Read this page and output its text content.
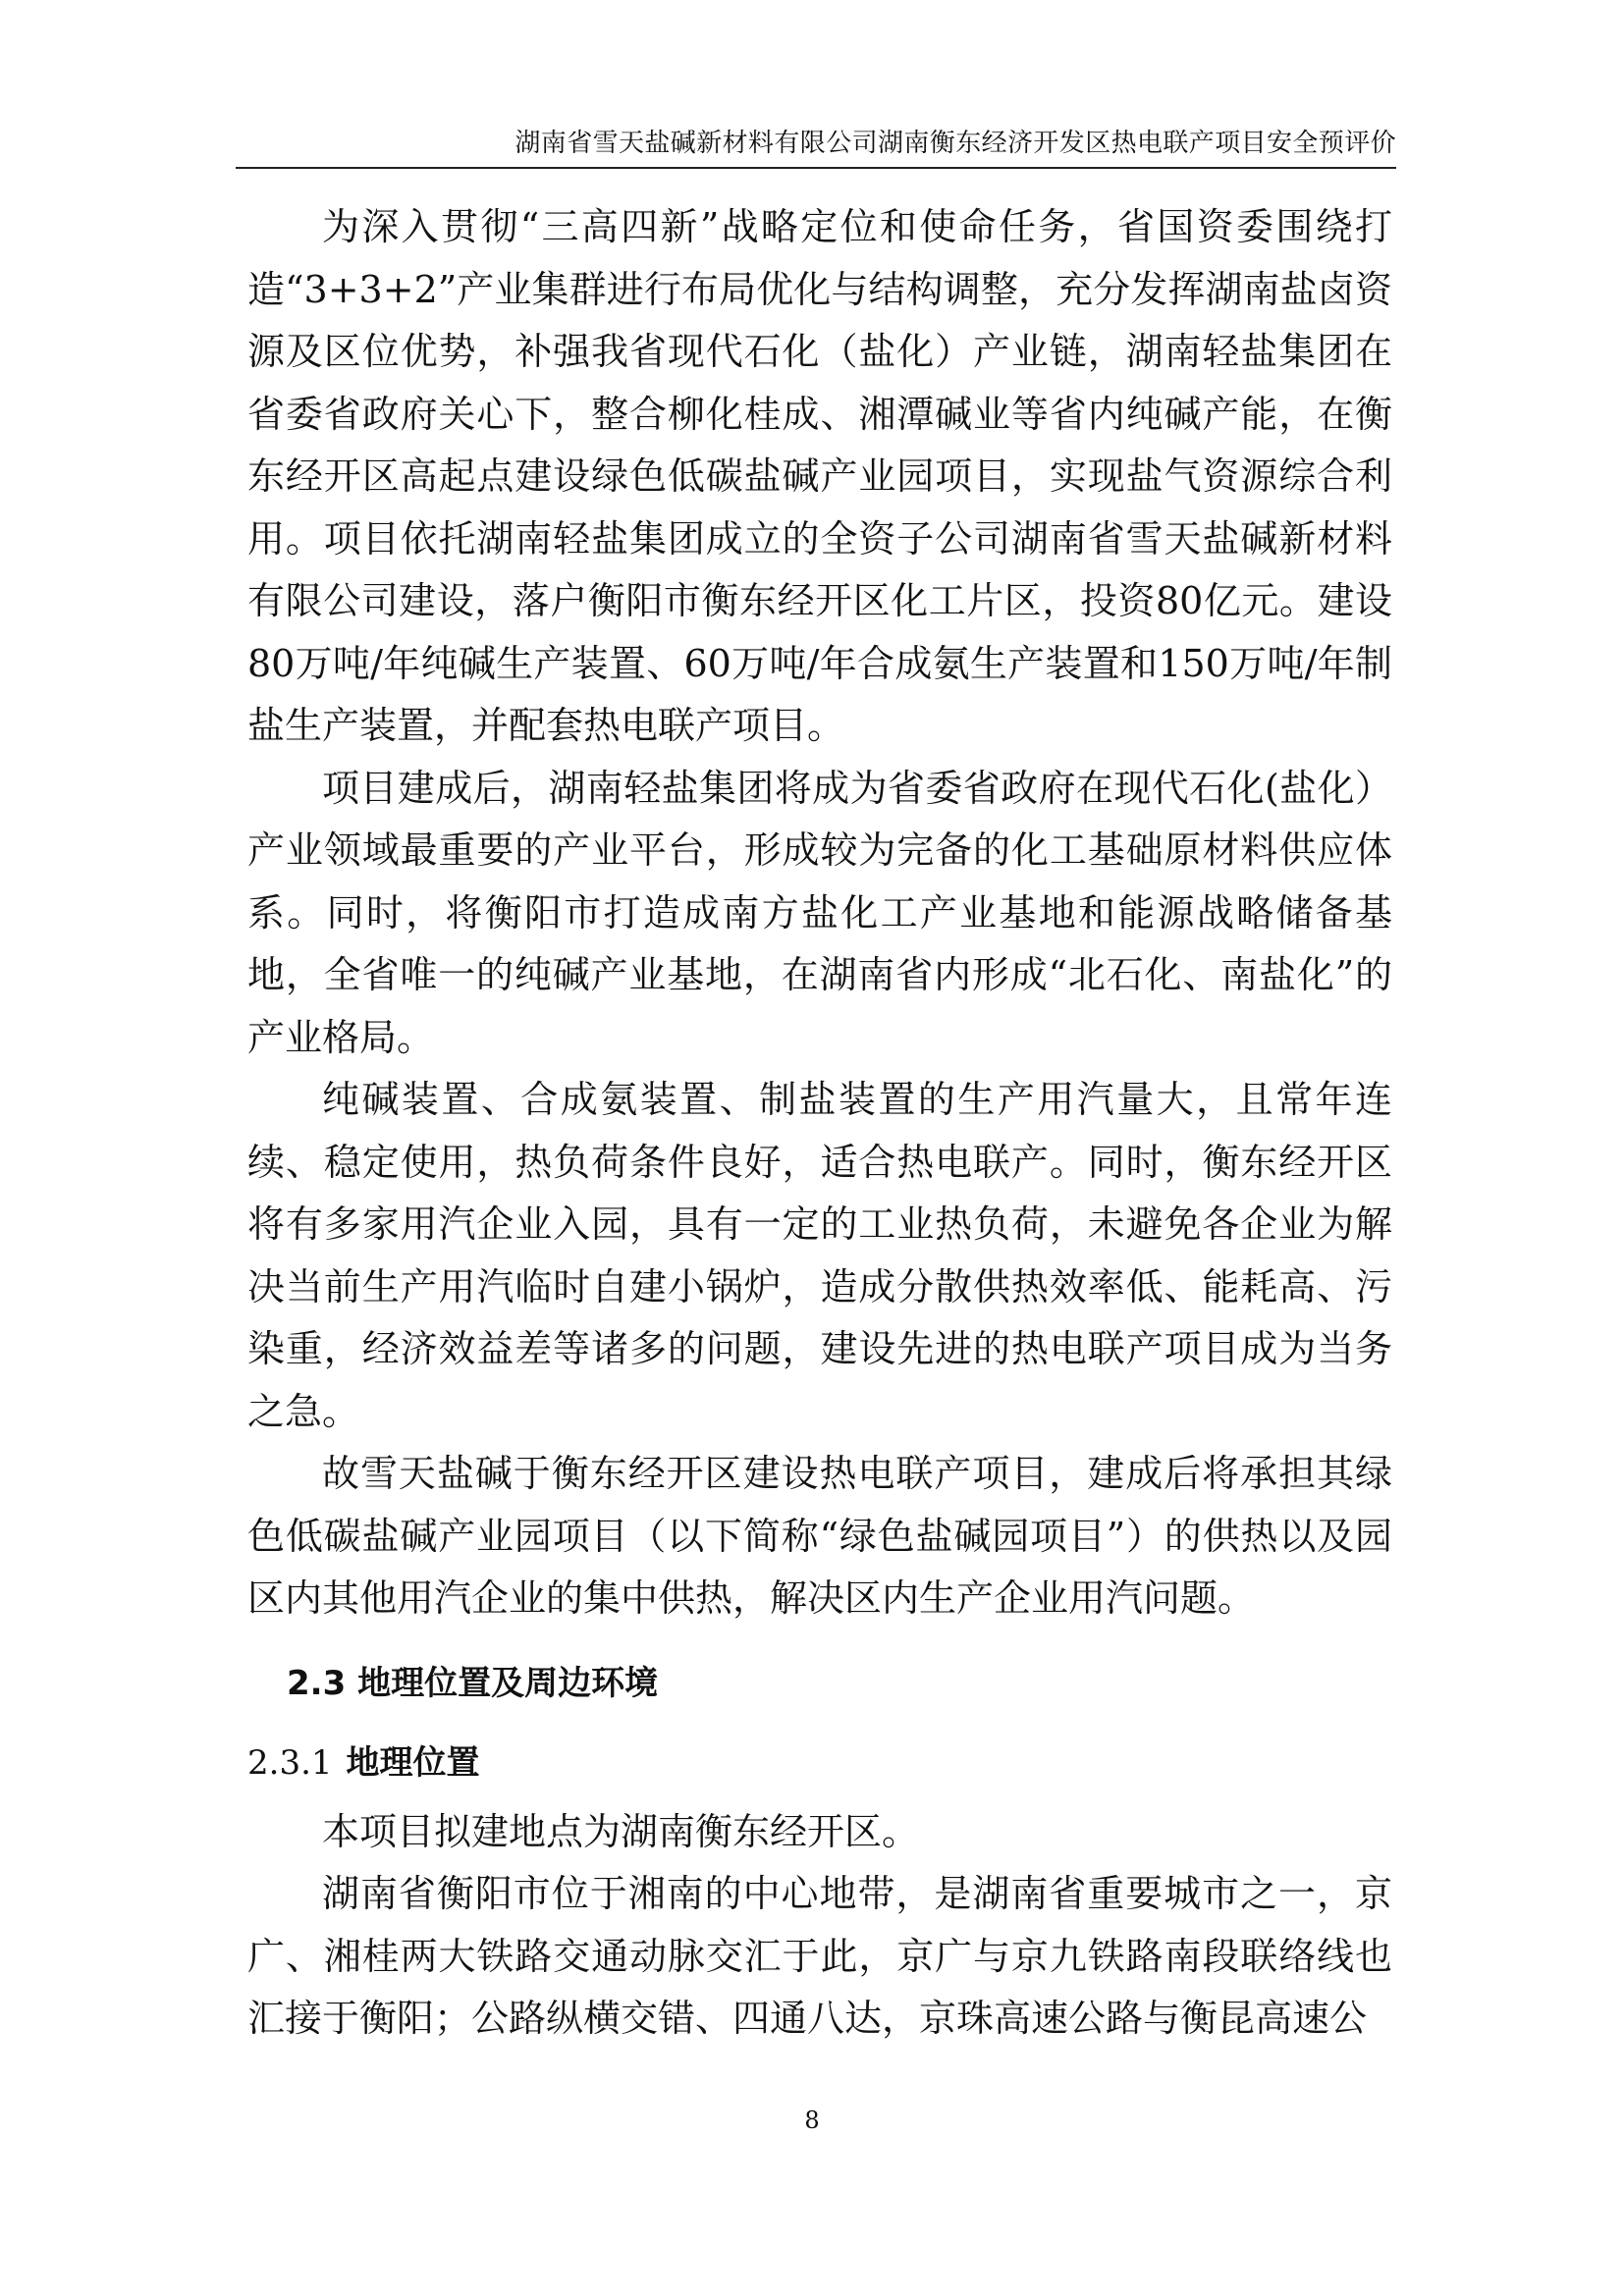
湖南省雪天盐碱新材料有限公司湖南衡东经济开发区热电联产项目安全预评价

为深入贯彻“三高四新”战略定位和使命任务，省国资委围绕打造“3+3+2”产业集群进行布局优化与结构调整，充分发挥湖南盐卤资源及区位优势，补强我省现代石化（盐化）产业链，湖南轻盐集团在省委省政府关心下，整合柳化桂成、湘潭碱业等省内纯碱产能，在衡东经开区高起点建设绿色低碳盐碱产业园项目，实现盐气资源综合利用。项目依托湖南轻盐集团成立的全资子公司湖南省雪天盐碱新材料有限公司建设，落户衡阳市衡东经开区化工片区，投资80亿元。建设80万吨/年纯碱生产装置、60万吨/年合成氨生产装置和150万吨/年制盐生产装置，并配套热电联产项目。

项目建成后，湖南轻盐集团将成为省委省政府在现代石化(盐化）产业领域最重要的产业平台，形成较为完备的化工基础原材料供应体系。同时，将衡阳市打造成南方盐化工产业基地和能源战略储备基地，全省唯一的纯碱产业基地，在湖南省内形成“北石化、南盐化”的产业格局。

纯碱装置、合成氨装置、制盐装置的生产用汽量大，且常年连续、稳定使用，热负荷条件良好，适合热电联产。同时，衡东经开区将有多家用汽企业入园，具有一定的工业热负荷，未避免各企业为解决当前生产用汽临时自建小锅炉，造成分散供热效率低、能耗高、污染重，经济效益差等诸多的问题，建设先进的热电联产项目成为当务之急。

故雪天盐碱于衡东经开区建设热电联产项目，建成后将承担其绿色低碳盐碱产业园项目（以下简称“绿色盐碱园项目”）的供热以及园区内其他用汽企业的集中供热，解决区内生产企业用汽问题。

2.3 地理位置及周边环境
2.3.1 地理位置

本项目拟建地点为湖南衡东经开区。

湖南省衡阳市位于湘南的中心地带，是湖南省重要城市之一，京广、湘桂两大铁路交通动脉交汇于此，京广与京九铁路南段联络线也汇接于衡阳；公路纵横交错、四通八达，京珠高速公路与衡昆高速公

8
